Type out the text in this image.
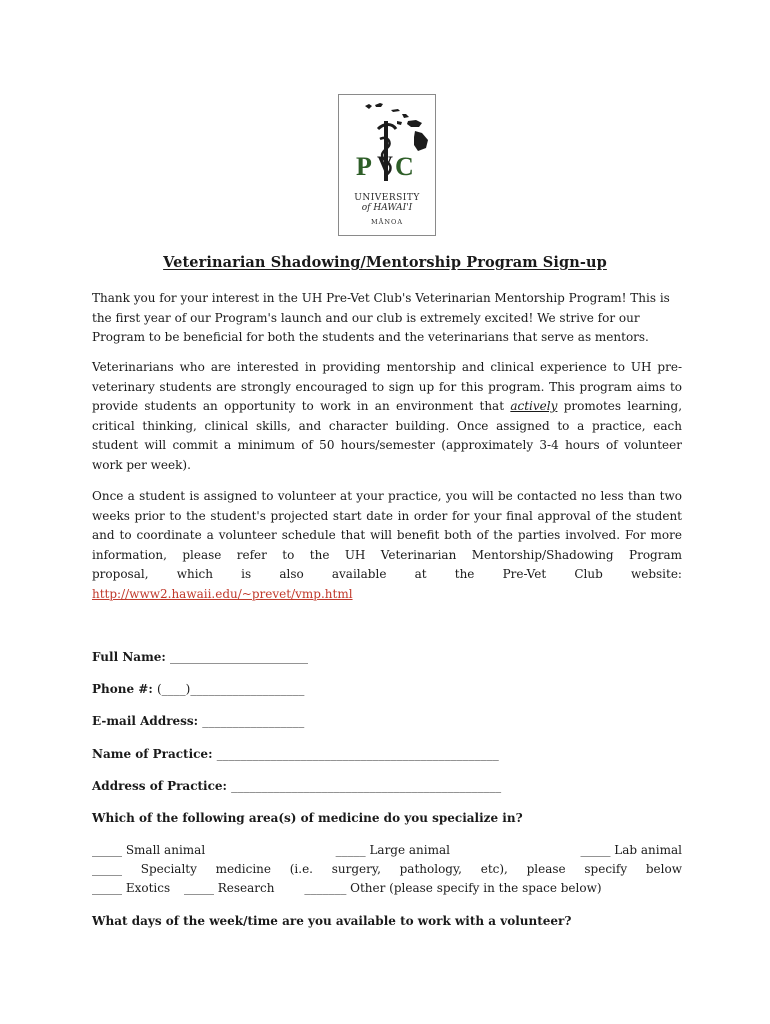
P V C
UNIVERSITY
of HAWAI'I
MĀNOA
Veterinarian Shadowing/Mentorship Program Sign-up

Thank you for your interest in the UH Pre-Vet Club's Veterinarian Mentorship Program! This is the first year of our Program's launch and our club is extremely excited! We strive for our Program to be beneficial for both the students and the veterinarians that serve as mentors.

Veterinarians who are interested in providing mentorship and clinical experience to UH pre-veterinary students are strongly encouraged to sign up for this program. This program aims to provide students an opportunity to work in an environment that actively promotes learning, critical thinking, clinical skills, and character building. Once assigned to a practice, each student will commit a minimum of 50 hours/semester (approximately 3-4 hours of volunteer work per week).

Once a student is assigned to volunteer at your practice, you will be contacted no less than two weeks prior to the student's projected start date in order for your final approval of the student and to coordinate a volunteer schedule that will benefit both of the parties involved. For more information, please refer to the UH Veterinarian Mentorship/Shadowing Program

proposal, which is also available at the Pre-Vet Club website:
http://www2.hawaii.edu/~prevet/vmp.html
Full Name: _______________________
Phone #: (____)___________________
E-mail Address: _________________
Name of Practice: _______________________________________________
Address of Practice: _____________________________________________
Which of the following area(s) of medicine do you specialize in?
_____ Small animal	_____ Large animal	_____ Lab animal
_____ Specialty medicine (i.e. surgery, pathology, etc), please specify below
_____ Exotics _____ Research _______ Other (please specify in the space below)
What days of the week/time are you available to work with a volunteer?
